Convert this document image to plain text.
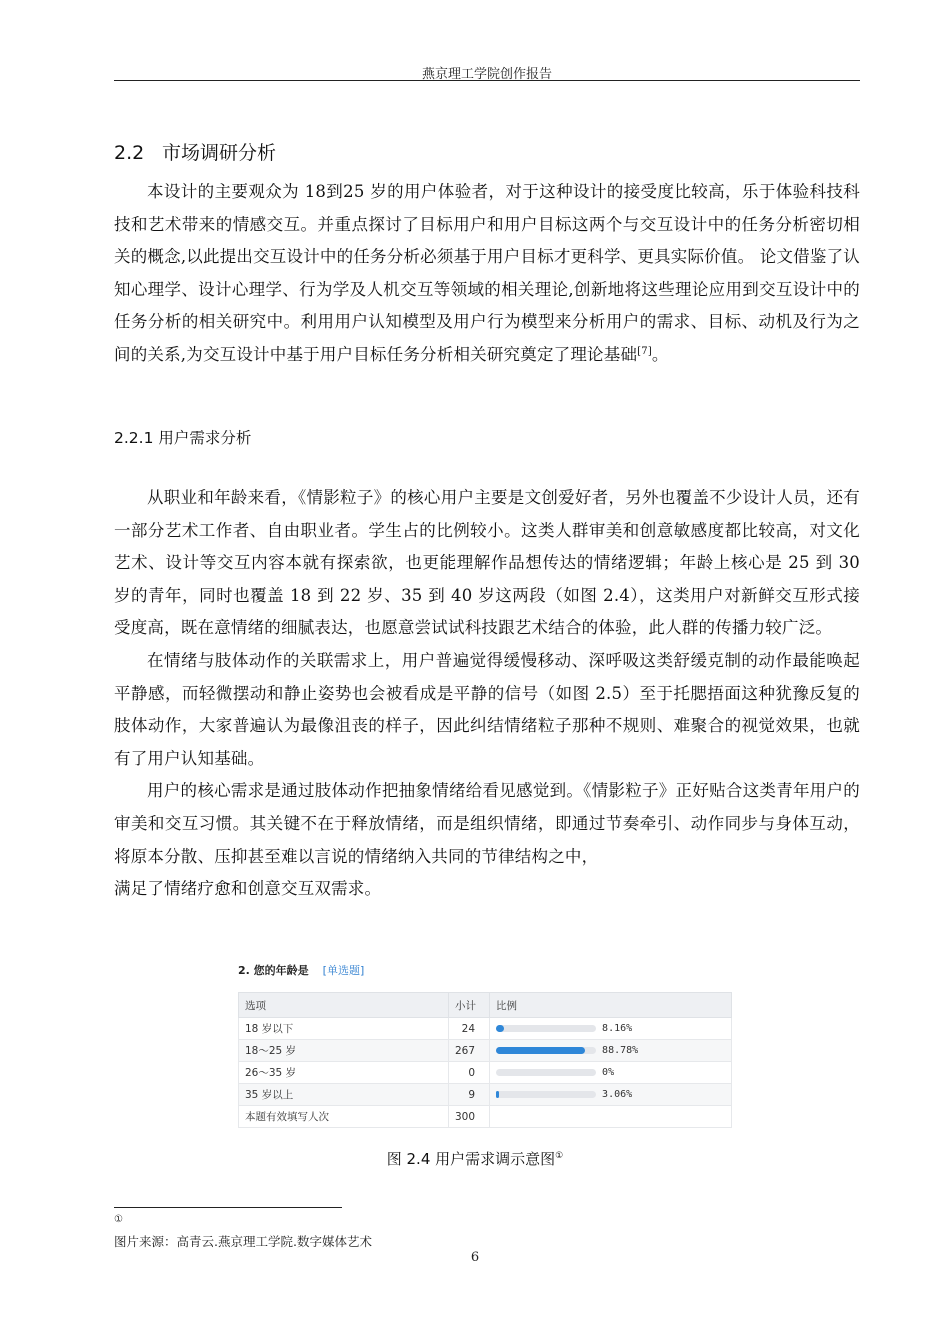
燕京理工学院创作报告
2.2 市场调研分析

本设计的主要观众为 18到25 岁的用户体验者，对于这种设计的接受度比较高，乐于体验科技科技和艺术带来的情感交互。并重点探讨了目标用户和用户目标这两个与交互设计中的任务分析密切相关的概念,以此提出交互设计中的任务分析必须基于用户目标才更科学、更具实际价值。 论文借鉴了认知心理学、设计心理学、行为学及人机交互等领域的相关理论,创新地将这些理论应用到交互设计中的任务分析的相关研究中。利用用户认知模型及用户行为模型来分析用户的需求、目标、动机及行为之间的关系,为交互设计中基于用户目标任务分析相关研究奠定了理论基础[7]。

2.2.1 用户需求分析

从职业和年龄来看，《情影粒子》的核心用户主要是文创爱好者，另外也覆盖不少设计人员，还有一部分艺术工作者、自由职业者。学生占的比例较小。这类人群审美和创意敏感度都比较高，对文化艺术、设计等交互内容本就有探索欲，也更能理解作品想传达的情绪逻辑；年龄上核心是 25 到 30 岁的青年，同时也覆盖 18 到 22 岁、35 到 40 岁这两段（如图 2.4），这类用户对新鲜交互形式接受度高，既在意情绪的细腻表达，也愿意尝试试科技跟艺术结合的体验，此人群的传播力较广泛。

在情绪与肢体动作的关联需求上，用户普遍觉得缓慢移动、深呼吸这类舒缓克制的动作最能唤起平静感，而轻微摆动和静止姿势也会被看成是平静的信号（如图 2.5）至于托腮捂面这种犹豫反复的肢体动作，大家普遍认为最像沮丧的样子，因此纠结情绪粒子那种不规则、难聚合的视觉效果，也就有了用户认知基础。

用户的核心需求是通过肢体动作把抽象情绪给看见感觉到。《情影粒子》正好贴合这类青年用户的审美和交互习惯。其关键不在于释放情绪，而是组织情绪，即通过节奏牵引、动作同步与身体互动，将原本分散、压抑甚至难以言说的情绪纳入共同的节律结构之中，

满足了情绪疗愈和创意交互双需求。

2. 您的年龄是 [单选题]
选项	小计	比例
18 岁以下	24	8.16%
18～25 岁	267	88.78%
26～35 岁	0	0%
35 岁以上	9	3.06%
本题有效填写人次	300	
图 2.4 用户需求调示意图①
①
图片来源：高青云.燕京理工学院.数字媒体艺术
6
